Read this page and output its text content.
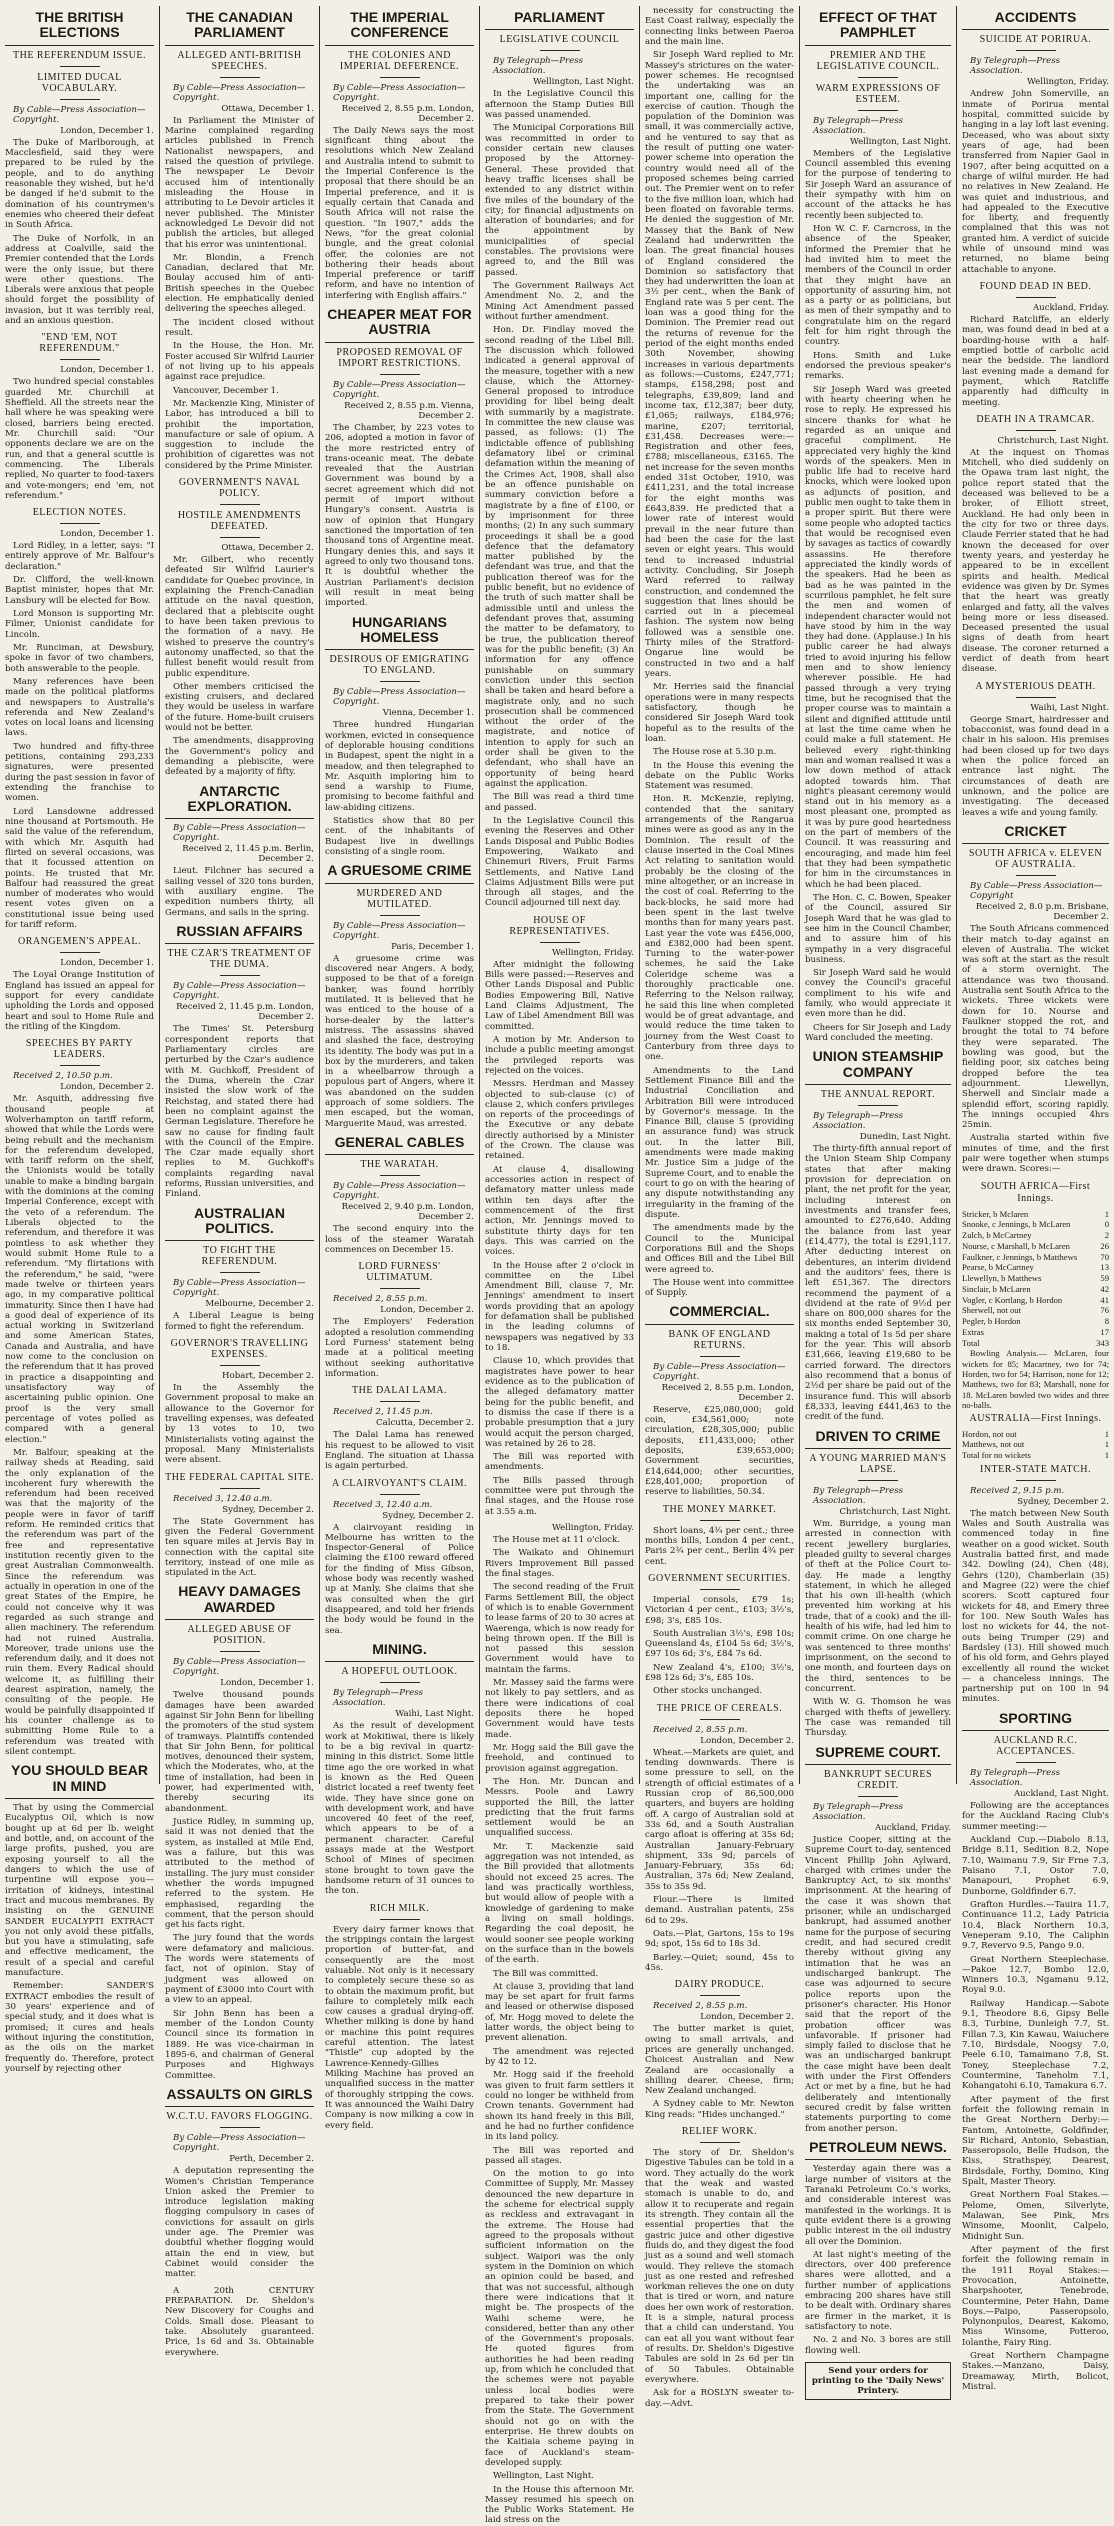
THE BRITISH ELECTIONS
THE REFERENDUM ISSUE.
LIMITED DUCAL VOCABULARY.
By Cable—Press Association—Copyright.
London, December 1.

The Duke of Marlborough, at Macclesfield, said they were prepared to be ruled by the people, and to do anything reasonable they wished, but he'd be danged if he'd submit to the domination of his countrymen's enemies who cheered their defeat in South Africa.

The Duke of Norfolk, in an address at Coalville, said the Premier contended that the Lords were the only issue, but there were other questions. The Liberals were anxious that people should forget the possibility of invasion, but it was terribly real, and an anxious question.

"END 'EM, NOT REFERENDUM."
London, December 1.

Two hundred special constables guarded Mr. Churchill at Sheffield. All the streets near the hall where he was speaking were closed, barriers being erected. Mr. Churchill said: "Our opponents declare we are on the run, and that a general scuttle is commencing. The Liberals replied, No quarter to food-taxers and vote-mongers; end 'em, not referendum."

ELECTION NOTES.
London, December 1.

Lord Ridley, in a letter, says: "I entirely approve of Mr. Balfour's declaration."

Dr. Clifford, the well-known Baptist minister, hopes that Mr. Lansbury will be elected for Bow.

Lord Monson is supporting Mr. Filmer, Unionist candidate for Lincoln.

Mr. Runciman, at Dewsbury, spoke in favor of two chambers, both answerable to the people.

Many references have been made on the political platforms and newspapers to Australia's referenda and New Zealand's votes on local loans and licensing laws.

Two hundred and fifty-three petitions, containing 293,233 signatures, were presented during the past session in favor of extending the franchise to women.

Lord Lansdowne addressed nine thousand at Portsmouth. He said the value of the referendum, with which Mr. Asquith had flirted on several occasions, was that it focussed attention on points. He trusted that Mr. Balfour had reassured the great number of moderates who would resent votes given on a constitutional issue being used for tariff reform.

ORANGEMEN'S APPEAL.
London, December 1.

The Loyal Orange Institution of England has issued an appeal for support for every candidate upholding the Lords and opposed heart and soul to Home Rule and the ritling of the Kingdom.

SPEECHES BY PARTY LEADERS.
Received 2, 10.50 p.m.
London, December 2.

Mr. Asquith, addressing five thousand people at Wolverhampton on tariff reform, showed that while the Lords were being rebuilt and the mechanism for the referendum developed, with tariff reform on the shelf, the Unionists would be totally unable to make a binding bargain with the dominions at the coming Imperial Conference, except with the veto of a referendum. The Liberals objected to the referendum, and therefore it was pointless to ask whether they would submit Home Rule to a referendum. "My flirtations with the referendum," he said, "were made twelve or thirteen years ago, in my comparative political immaturity. Since then I have had a good deal of experience of its actual working in Switzerland and some American States, Canada and Australia, and have now come to the conclusion on the referendum that it has proved in practice a disappointing and unsatisfactory way of ascertaining public opinion. One proof is the very small percentage of votes polled as compared with a general election."

Mr. Balfour, speaking at the railway sheds at Reading, said the only explanation of the incoherent fury wherewith the referendum had been received was that the majority of the people were in favor of tariff reform. He reminded critics that the referendum was part of the free and representative institution recently given to the great Australian Commonwealth. Since the referendum was actually in operation in one of the great States of the Empire, he could not conceive why it was regarded as such strange and alien machinery. The referendum had not ruined Australia. Moreover, trade unions use the referendum daily, and it does not ruin them. Every Radical should welcome it, as fulfilling their dearest aspiration, namely, the consulting of the people. He would be painfully disappointed if his counter challenge as to submitting Home Rule to a referendum was treated with silent contempt.

YOU SHOULD BEAR IN MIND

That by using the Commercial Eucalyptus Oil, which is now bought up at 6d per lb. weight and bottle, and, on account of the large profits, pushed, you are exposing yourself to all the dangers to which the use of turpentine will expose you—irritation of kidneys, intestinal tract and mucous membranes. By insisting on the GENUINE SANDER EUCALYPTI EXTRACT you not only avoid these pitfalls, but you have a stimulating, safe and effective medicament, the result of a special and careful manufacture.

Remember: SANDER'S EXTRACT embodies the result of 30 years' experience and of special study, and it does what is promised; it cures and heals without injuring the constitution, as the oils on the market frequently do. Therefore, protect yourself by rejecting other

THE CANADIAN PARLIAMENT
ALLEGED ANTI-BRITISH SPEECHES.
By Cable—Press Association—Copyright.
Ottawa, December 1.

In Parliament the Minister of Marine complained regarding articles published in French Nationalist newspapers, and raised the question of privilege. The newspaper Le Devoir accused him of intentionally misleading the House in attributing to Le Devoir articles it never published. The Minister acknowledged Le Devoir did not publish the articles, but alleged that his error was unintentional.

Mr. Blondin, a French Canadian, declared that Mr. Boulay accused him of anti-British speeches in the Quebec election. He emphatically denied delivering the speeches alleged.

The incident closed without result.

In the House, the Hon. Mr. Foster accused Sir Wilfrid Laurier of not living up to his appeals against race prejudice.

Vancouver, December 1.

Mr. Mackenzie King, Minister of Labor, has introduced a bill to prohibit the importation, manufacture or sale of opium. A suggestion to include the prohibition of cigarettes was not considered by the Prime Minister.

GOVERNMENT'S NAVAL POLICY.
HOSTILE AMENDMENTS DEFEATED.
Ottawa, December 2.

Mr. Gilbert, who recently defeated Sir Wilfrid Laurier's candidate for Quebec province, in explaining the French-Canadian attitude on the naval question, declared that a plebiscite ought to have been taken previous to the formation of a navy. He wished to preserve the country's autonomy unaffected, so that the fullest benefit would result from public expenditure.

Other members criticised the existing cruisers, and declared they would be useless in warfare of the future. Home-built cruisers would not be better.

The amendments, disapproving the Government's policy and demanding a plebiscite, were defeated by a majority of fifty.

ANTARCTIC EXPLORATION.
By Cable—Press Association—Copyright.
Received 2, 11.45 p.m. Berlin, December 2.

Lieut. Filchner has secured a sailing vessel of 320 tons burden, with auxiliary engine. The expedition numbers thirty, all Germans, and sails in the spring.

RUSSIAN AFFAIRS
THE CZAR'S TREATMENT OF THE DUMA.
By Cable—Press Association—Copyright.
Received 2, 11.45 p.m. London, December 2.

The Times' St. Petersburg correspondent reports that Parliamentary circles are perturbed by the Czar's audience with M. Guchkoff, President of the Duma, wherein the Czar insisted the slow work of the Reichstag, and stated there had been no complaint against the German Legislature. Therefore he saw no cause for finding fault with the Council of the Empire. The Czar made equally short replies to M. Guchkoff's complaints regarding naval reforms, Russian universities, and Finland.

AUSTRALIAN POLITICS.
TO FIGHT THE REFERENDUM.
By Cable—Press Association—Copyright.
Melbourne, December 2.

A Liberal League is being formed to fight the referendum.

GOVERNOR'S TRAVELLING EXPENSES.
Hobart, December 2.

In the Assembly the Government proposal to make an allowance to the Governor for travelling expenses, was defeated by 13 votes to 10, two Ministerialists voting against the proposal. Many Ministerialists were absent.

THE FEDERAL CAPITAL SITE.
Received 3, 12.40 a.m.
Sydney, December 2.

The State Government has given the Federal Government ten square miles at Jervis Bay in connection with the capital site territory, instead of one mile as stipulated in the Act.

HEAVY DAMAGES AWARDED
ALLEGED ABUSE OF POSITION.
By Cable—Press Association—Copyright.
London, December 1.

Twelve thousand pounds damages have been awarded against Sir John Benn for libelling the promoters of the stud system of tramways. Plaintiffs contended that Sir John Benn, for political motives, denounced their system, which the Moderates, who, at the time of installation, had been in power, had experimented with, thereby securing its abandonment.

Justice Ridley, in summing up, said it was not denied that the system, as installed at Mile End, was a failure, but this was attributed to the method of installing. The jury must consider whether the words impugned referred to the system. He emphasised, regarding the comment, that the person should get his facts right.

The jury found that the words were defamatory and malicious. The words were statements of fact, not of opinion. Stay of judgment was allowed on payment of £3000 into Court with a view to an appeal.

Sir John Benn has been a member of the London County Council since its formation in 1889. He was vice-chairman in 1895-6, and chairman of General Purposes and Highways Committee.

ASSAULTS ON GIRLS
W.C.T.U. FAVORS FLOGGING.
By Cable—Press Association—Copyright.
Perth, December 2.

A deputation representing the Women's Christian Temperance Union asked the Premier to introduce legislation making flogging compulsory in cases of convictions for assault on girls under age. The Premier was doubtful whether flogging would attain the end in view, but Cabinet would consider the matter.

A 20th CENTURY PREPARATION. Dr. Sheldon's New Discovery for Coughs and Colds. Small dose. Pleasant to take. Absolutely guaranteed. Price, 1s 6d and 3s. Obtainable everywhere.

THE IMPERIAL CONFERENCE
THE COLONIES AND IMPERIAL DEFERENCE.
By Cable—Press Association—Copyright.
Received 2, 8.55 p.m. London, December 2.

The Daily News says the most significant thing about the resolutions which New Zealand and Australia intend to submit to the Imperial Conference is the proposal that there should be an Imperial preference, and it is equally certain that Canada and South Africa will not raise the question. "In 1907," adds the News, "for the great colonial bungle, and the great colonial offer, the colonies are not bothering their heads about Imperial preference or tariff reform, and have no intention of interfering with English affairs."

CHEAPER MEAT FOR AUSTRIA
PROPOSED REMOVAL OF IMPORT RESTRICTIONS.
By Cable—Press Association—Copyright.
Received 2, 8.55 p.m. Vienna, December 2.

The Chamber, by 223 votes to 206, adopted a motion in favor of the more restricted entry of trans-oceanic meat. The debate revealed that the Austrian Government was bound by a secret agreement which did not permit of import without Hungary's consent. Austria is now of opinion that Hungary sanctioned the importation of ten thousand tons of Argentine meat. Hungary denies this, and says it agreed to only two thousand tons. It is doubtful whether the Austrian Parliament's decision will result in meat being imported.

HUNGARIANS HOMELESS
DESIROUS OF EMIGRATING TO ENGLAND.
By Cable—Press Association—Copyright.
Vienna, December 1.

Three hundred Hungarian workmen, evicted in consequence of deplorable housing conditions in Budapest, spent the night in a meadow, and then telegraphed to Mr. Asquith imploring him to send a warship to Fiume, promising to become faithful and law-abiding citizens.

Statistics show that 80 per cent. of the inhabitants of Budapest live in dwellings consisting of a single room.

A GRUESOME CRIME
MURDERED AND MUTILATED.
By Cable—Press Association—Copyright.
Paris, December 1.

A gruesome crime was discovered near Angers. A body, supposed to be that of a foreign banker, was found horribly mutilated. It is believed that he was enticed to the house of a horse-dealer by the latter's mistress. The assassins shaved and slashed the face, destroying its identity. The body was put in a box by the murderers, and taken in a wheelbarrow through a populous part of Angers, where it was abandoned on the sudden approach of some soldiers. The men escaped, but the woman, Marguerite Maud, was arrested.

GENERAL CABLES
THE WARATAH.
By Cable—Press Association—Copyright.
Received 2, 9.40 p.m. London, December 2.

The second enquiry into the loss of the steamer Waratah commences on December 15.

LORD FURNESS' ULTIMATUM.
Received 2, 8.55 p.m.
London, December 2.

The Employers' Federation adopted a resolution commending Lord Furness' statement being made at a political meeting without seeking authoritative information.

THE DALAI LAMA.
Received 2, 11.45 p.m.
Calcutta, December 2.

The Dalai Lama has renewed his request to be allowed to visit England. The situation at Lhassa is again perturbed.

A CLAIRVOYANT'S CLAIM.
Received 3, 12.40 a.m.
Sydney, December 2.

A clairvoyant residing in Melbourne has written to the Inspector-General of Police claiming the £100 reward offered for the finding of Miss Gibson, whose body was recently washed up at Manly. She claims that she was consulted when the girl disappeared, and told her friends the body would be found in the sea.

MINING.
A HOPEFUL OUTLOOK.
By Telegraph—Press Association.
Waihi, Last Night.

As the result of development work at Mokitiwai, there is likely to be a big revival in quartz-mining in this district. Some little time ago the ore worked in what is known as the Red Queen district located a reef twenty feet wide. They have since gone on with development work, and have uncovered 40 feet of the reef, which appears to be of a permanent character. Careful assays made at the Westport School of Mines of specimen stone brought to town gave the handsome return of 31 ounces to the ton.

RICH MILK.

Every dairy farmer knows that the strippings contain the largest proportion of butter-fat, and consequently are the most valuable. Not only is it necessary to completely secure these so as to obtain the maximum profit, but failure to completely milk each cow causes a gradual drying-off. Whether milking is done by hand or machine this point requires careful attention. The latest "Thistle" cup adopted by the Lawrence-Kennedy-Gillies Milking Machine has proved an unqualified success in the matter of thoroughly stripping the cows. It was announced the Waihi Dairy Company is now milking a cow in every field.

PARLIAMENT
LEGISLATIVE COUNCIL
By Telegraph—Press Association.
Wellington, Last Night.

In the Legislative Council this afternoon the Stamp Duties Bill was passed unamended.

The Municipal Corporations Bill was recommitted in order to consider certain new clauses proposed by the Attorney-General. These provided that heavy traffic licenses shall be extended to any district within five miles of the boundary of the city; for financial adjustments on alteration of boundaries; and for the appointment by municipalities of special constables. The provisions were agreed to, and the Bill was passed.

The Government Railways Act Amendment No. 2, and the Mining Act Amendment passed without further amendment.

Hon. Dr. Findlay moved the second reading of the Libel Bill. The discussion which followed indicated a general approval of the measure, together with a new clause, which the Attorney-General proposed to introduce providing for libel being dealt with summarily by a magistrate. In committee the new clause was passed, as follows: (1) The indictable offence of publishing defamatory libel or criminal defamation within the meaning of the Crimes Act, 1908, shall also be an offence punishable on summary conviction before a magistrate by a fine of £100, or by imprisonment for three months; (2) In any such summary proceedings it shall be a good defence that the defamatory matter published by the defendant was true, and that the publication thereof was for the public benefit, but no evidence of the truth of such matter shall be admissible until and unless the defendant proves that, assuming the matter to be defamatory, to be true, the publication thereof was for the public benefit; (3) An information for any offence punishable on summary conviction under this section shall be taken and heard before a magistrate only, and no such prosecution shall be commenced without the order of the magistrate, and notice of intention to apply for such an order shall be given to the defendant, who shall have an opportunity of being heard against the application.

The Bill was read a third time and passed.

In the Legislative Council this evening the Reserves and Other Lands Disposal and Public Bodies Empowering, Waikato and Chinemuri Rivers, Fruit Farms Settlements, and Native Land Claims Adjustment Bills were put through all stages, and the Council adjourned till next day.

HOUSE OF REPRESENTATIVES.
Wellington, Friday.

After midnight the following Bills were passed:—Reserves and Other Lands Disposal and Public Bodies Empowering Bill, Native Land Claims Adjustment, The Law of Libel Amendment Bill was committed.

A motion by Mr. Anderson to include a public meeting amongst the privileged reports was rejected on the voices.

Messrs. Herdman and Massey objected to sub-clause (c) of clause 2, which confers privileges on reports of the proceedings of the Executive or any debate directly authorised by a Minister of the Crown. The clause was retained.

At clause 4, disallowing accessories action in respect of defamatory matter unless made within ten days after the commencement of the first action, Mr. Jennings moved to substitute thirty days for ten days. This was carried on the voices.

In the House after 2 o'clock in committee on the Libel Amendment Bill, clause 7, Mr. Jennings' amendment to insert words providing that an apology for defamation shall be published in the leading columns of newspapers was negatived by 33 to 18.

Clause 10, which provides that magistrates have power to hear evidence as to the publication of the alleged defamatory matter being for the public benefit, and to dismiss the case if there is a probable presumption that a jury would acquit the person charged, was retained by 26 to 28.

The Bill was reported with amendments.

The Bills passed through committee were put through the final stages, and the House rose at 3.55 a.m.

Wellington, Friday.

The House met at 11 o'clock.

The Waikato and Ohinemuri Rivers Improvement Bill passed the final stages.

The second reading of the Fruit Farms Settlement Bill, the object of which is to enable Government to lease farms of 20 to 30 acres at Waerenga, which is now ready for being thrown open. If the Bill is not passed this session Government would have to maintain the farms.

Mr. Massey said the farms were not likely to pay settlers, and as there were indications of coal deposits there he hoped Government would have tests made.

Mr. Hogg said the Bill gave the freehold, and continued to provision against aggregation.

The Hon. Mr. Duncan and Messrs. Poole and Lawry supported the Bill, the latter predicting that the fruit farms settlement would be an unqualified success.

Mr. T. Mackenzie said aggregation was not intended, as the Bill provided that allotments should not exceed 25 acres. The land was practically worthless, but would allow of people with a knowledge of gardening to make a living on small holdings. Regarding the coal deposit, he would sooner see people working on the surface than in the bowels of the earth.

The Bill was committed.

At clause 3, providing that land may be set apart for fruit farms and leased or otherwise disposed of, Mr. Hogg moved to delete the latter words, the object being to prevent alienation.

The amendment was rejected by 42 to 12.

Mr. Hogg said if the freehold was given to fruit farm settlers it could no longer be withheld from Crown tenants. Government had shown its hand freely in this Bill, and he had no further confidence in its land policy.

The Bill was reported and passed all stages.

On the motion to go into Committee of Supply, Mr. Massey denounced the new departure in the scheme for electrical supply as reckless and extravagant in the extreme. The House had agreed to the proposals without sufficient information on the subject. Waipori was the only system in the Dominion on which an opinion could be based, and that was not successful, although there were indications that it might be. The prospects of the Waihi scheme were, he considered, better than any other of the Government's proposals. He quoted figures from authorities he had been reading up, from which he concluded that the schemes were not payable unless local bodies were prepared to take their power from the State. The Government should not go on with the enterprise. He threw doubts on the Kaitiaia scheme paying in face of Auckland's steam-developed supply.

Wellington, Last Night.

In the House this afternoon Mr. Massey resumed his speech on the Public Works Statement. He laid stress on the

necessity for constructing the East Coast railway, especially the connecting links between Paeroa and the main line.

Sir Joseph Ward replied to Mr. Massey's strictures on the water-power schemes. He recognised the undertaking was an important one, calling for the exercise of caution. Though the population of the Dominion was small, it was commercially active, and he ventured to say that as the result of putting one water-power scheme into operation the country would need all of the proposed schemes being carried out. The Premier went on to refer to the five million loan, which had been floated on favorable terms. He denied the suggestion of Mr. Massey that the Bank of New Zealand had underwritten the loan. The great financial houses of England considered the Dominion so satisfactory that they had underwritten the loan at 3½ per cent., when the Bank of England rate was 5 per cent. The loan was a good thing for the Dominion. The Premier read out the returns of revenue for the period of the eight months ended 30th November, showing increases in various departments as follows:—Customs, £247,771; stamps, £158,298; post and telegraphs, £39,809; land and income tax, £12,387; beer duty, £1,065; railways, £184,976; marine, £207; territorial, £31,458. Decreases were:—Registration and other fees, £788; miscellaneous, £3165. The net increase for the seven months ended 31st October, 1910, was £411,231, and the total increase for the eight months was £643,839. He predicted that a lower rate of interest would prevail in the near future than had been the case for the last seven or eight years. This would tend to increased industrial activity. Concluding, Sir Joseph Ward referred to railway construction, and condemned the suggestion that lines should be carried out in a piecemeal fashion. The system now being followed was a sensible one. Thirty miles of the Stratford-Ongarue line would be constructed in two and a half years.

Mr. Herries said the financial operations were in many respects satisfactory, though he considered Sir Joseph Ward took hopeful as to the results of the loan.

The House rose at 5.30 p.m.

In the House this evening the debate on the Public Works Statement was resumed.

Hon. R. McKenzie, replying, contended that the sanitary arrangements of the Rangarua mines were as good as any in the Dominion. The result of the clause inserted in the Coal Mines Act relating to sanitation would probably be the closing of the mine altogether, or an increase in the cost of coal. Referring to the back-blocks, he said more had been spent in the last twelve months than for many years past. Last year the vote was £456,000, and £382,000 had been spent. Turning to the water-power schemes, he said the Lake Coleridge scheme was a thoroughly practicable one. Referring to the Nelson railway, he said this line when completed would be of great advantage, and would reduce the time taken to journey from the West Coast to Canterbury from three days to one.

Amendments to the Land Settlement Finance Bill and the Industrial Conciliation and Arbitration Bill were introduced by Governor's message. In the Finance Bill, clause 5 (providing an assurance fund) was struck out. In the latter Bill, amendments were made making Mr. Justice Sim a judge of the Supreme Court, and to enable the court to go on with the hearing of any dispute notwithstanding any irregularity in the framing of the dispute.

The amendments made by the Council to the Municipal Corporations Bill and the Shops and Offices Bill and the Libel Bill were agreed to.

The House went into committee of Supply.

COMMERCIAL.
BANK OF ENGLAND RETURNS.
By Cable—Press Association—Copyright.
Received 2, 8.55 p.m. London, December 2.

Reserve, £25,080,000; gold coin, £34,561,000; note circulation, £28,305,000; public deposits, £11,433,000; other deposits, £39,653,000; Government securities, £14,644,000; other securities, £28,401,000; proportion of reserve to liabilities, 50.34.

THE MONEY MARKET.

Short loans, 4¾ per cent.; three months bills, London 4 per cent., Paris 2¾ per cent., Berlin 4¾ per cent.

GOVERNMENT SECURITIES.

Imperial consols, £79 1s; Victorian 4 per cent., £103; 3½'s, £98; 3's, £85 10s.

South Australian 3½'s, £98 10s; Queensland 4s, £104 5s 6d; 3½'s, £97 10s 6d; 3's, £84 7s 6d.

New Zealand 4's, £100; 3½'s, £98 12s 6d; 3's, £85 10s.

Other stocks unchanged.

THE PRICE OF CEREALS.
Received 2, 8.55 p.m.
London, December 2.

Wheat.—Markets are quiet, and tending downwards. There is some pressure to sell, on the strength of official estimates of a Russian crop of 86,500,000 quarters, and buyers are holding off. A cargo of Australian sold at 33s 6d, and a South Australian cargo afloat is offering at 35s 6d; Australian January-February shipment, 33s 9d; parcels of January-February, 35s 6d; Australian, 37s 6d; New Zealand, 35s to 35s 9d.

Flour.—There is limited demand. Australian patents, 25s 6d to 29s.

Oats.—Plat, Gartons, 15s to 19s 9d; spot, 15s 6d to 18s 3d.

Barley.—Quiet; sound, 45s to 45s.

DAIRY PRODUCE.
Received 2, 8.55 p.m.
London, December 2.

The butter market is quiet, owing to small arrivals, and prices are generally unchanged. Choicest Australian and New Zealand are occasionally a shilling dearer. Cheese, firm; New Zealand unchanged.

A Sydney cable to Mr. Newton King reads: "Hides unchanged."

RELIEF WORK.

The story of Dr. Sheldon's Digestive Tabules can be told in a word. They actually do the work that the weak and wasted stomach is unable to do, and allow it to recuperate and regain its strength. They contain all the essential properties that the gastric juice and other digestive fluids do, and they digest the food just as a sound and well stomach would. They relieve the stomach just as one rested and refreshed workman relieves the one on duty that is tired or worn, and nature does her own work of restoration. It is a simple, natural process that a child can understand. You can eat all you want without fear of results. Dr. Sheldon's Digestive Tabules are sold in 2s 6d per tin of 50 Tabules. Obtainable everywhere.

Ask for a ROSLYN sweater to-day.—Advt.

EFFECT OF THAT PAMPHLET
PREMIER AND THE LEGISLATIVE COUNCIL.
WARM EXPRESSIONS OF ESTEEM.
By Telegraph—Press Association.
Wellington, Last Night.

Members of the Legislative Council assembled this evening for the purpose of tendering to Sir Joseph Ward an assurance of their sympathy with him on account of the attacks he has recently been subjected to.

Hon W. C. F. Carncross, in the absence of the Speaker, informed the Premier that he had invited him to meet the members of the Council in order that they might have an opportunity of assuring him, not as a party or as politicians, but as men of their sympathy and to congratulate him on the regard felt for him right through the country.

Hons. Smith and Luke endorsed the previous speaker's remarks.

Sir Joseph Ward was greeted with hearty cheering when he rose to reply. He expressed his sincere thanks for what he regarded as an unique and graceful compliment. He appreciated very highly the kind words of the speakers. Men in public life had to receive hard knocks, which were looked upon as adjuncts of position, and public men ought to take them in a proper spirit. But there were some people who adopted tactics that would be recognised even by savages as tactics of cowardly assassins. He therefore appreciated the kindly words of the speakers. Had he been as bad as he was painted in the scurrilous pamphlet, he felt sure the men and women of independent character would not have stood by him in the way they had done. (Applause.) In his public career he had always tried to avoid injuring his fellow men and to show leniency wherever possible. He had passed through a very trying time, but he recognised that the proper course was to maintain a silent and dignified attitude until at last the time came when he could make a full statement. He believed every right-thinking man and woman realised it was a low down method of attack adopted towards him. That night's pleasant ceremony would stand out in his memory as a most pleasant one, prompted as it was by pure good heartedness on the part of members of the Council. It was reassuring and encouraging, and made him feel that they had been sympathetic for him in the circumstances in which he had been placed.

The Hon. C. C. Bowen, Speaker of the Council, assured Sir Joseph Ward that he was glad to see him in the Council Chamber, and to assure him of his sympathy in a very disgraceful business.

Sir Joseph Ward said he would convey the Council's graceful compliment to his wife and family, who would appreciate it even more than he did.

Cheers for Sir Joseph and Lady Ward concluded the meeting.

UNION STEAMSHIP COMPANY
THE ANNUAL REPORT.
By Telegraph—Press Association.
Dunedin, Last Night.

The thirty-fifth annual report of the Union Steam Ship Company states that after making provision for depreciation on plant, the net profit for the year, including interest on investments and transfer fees, amounted to £276,640. Adding the balance from last year (£14,477), the total is £291,117. After deducting interest on debentures, an interim dividend and the auditors' fees, there is left £51,367. The directors recommend the payment of a dividend at the rate of 9½d per share on 800,000 shares for the six months ended September 30, making a total of 1s 5d per share for the year. This will absorb £31,666, leaving £19,680 to be carried forward. The directors also recommend that a bonus of 2½d per share be paid out of the insurance fund. This will absorb £8,333, leaving £441,463 to the credit of the fund.

DRIVEN TO CRIME
A YOUNG MARRIED MAN'S LAPSE.
By Telegraph—Press Association.
Christchurch, Last Night.

Wm. Burridge, a young man arrested in connection with recent jewellery burglaries, pleaded guilty to several charges of theft at the Police Court to-day. He made a lengthy statement, in which he alleged that his own ill-health (which prevented him working at his trade, that of a cook) and the ill-health of his wife, had led him to commit crime. On one charge he was sentenced to three months' imprisonment, on the second to one month, and fourteen days on the third, sentences to be concurrent.

With W. G. Thomson he was charged with thefts of jewellery. The case was remanded till Thursday.

SUPREME COURT.
BANKRUPT SECURES CREDIT.
By Telegraph—Press Association.
Auckland, Friday.

Justice Cooper, sitting at the Supreme Court to-day, sentenced Vincent Phillip John Aylward, charged with crimes under the Bankruptcy Act, to six months' imprisonment. At the hearing of the case it was shown that prisoner, while an undischarged bankrupt, had assumed another name for the purpose of securing credit, and had secured credit thereby without giving any intimation that he was an undischarged bankrupt. The case was adjourned to secure police reports upon the prisoner's character. His Honor said that the report of the probation officer was unfavorable. If prisoner had simply failed to disclose that he was an undischarged bankrupt the case might have been dealt with under the First Offenders Act or met by a fine, but he had deliberately and intentionally secured credit by false written statements purporting to come from another person.

PETROLEUM NEWS.

Yesterday again there was a large number of visitors at the Taranaki Petroleum Co.'s works, and considerable interest was manifested in the workings. It is quite evident there is a growing public interest in the oil industry all over the Dominion.

At last night's meeting of the directors, over 400 preference shares were allotted, and a further number of applications embracing 200 shares have still to be dealt with. Ordinary shares are firmer in the market, it is satisfactory to note.

No. 2 and No. 3 bores are still flowing well.

Send your orders for printing to the 'Daily News' Printery.
ACCIDENTS
SUICIDE AT PORIRUA.
By Telegraph—Press Association.
Wellington, Friday.

Andrew John Somerville, an inmate of Porirua mental hospital, committed suicide by hanging in a lay loft last evening. Deceased, who was about sixty years of age, had been transferred from Napier Gaol in 1907, after being acquitted on a charge of wilful murder. He had no relatives in New Zealand. He was quiet and industrious, and had appealed to the Executive for liberty, and frequently complained that this was not granted him. A verdict of suicide while of unsound mind was returned, no blame being attachable to anyone.

FOUND DEAD IN BED.
Auckland, Friday.

Richard Ratcliffe, an elderly man, was found dead in bed at a boarding-house with a half-emptied bottle of carbolic acid near the bedside. The landlord last evening made a demand for payment, which Ratcliffe apparently had difficulty in meeting.

DEATH IN A TRAMCAR.
Christchurch, Last Night.

At the inquest on Thomas Mitchell, who died suddenly on the Opawa tram last night, the police report stated that the deceased was believed to be a broker, of Elliott street, Auckland. He had only been in the city for two or three days. Claude Ferrier stated that he had known the deceased for over twenty years, and yesterday he appeared to be in excellent spirits and health. Medical evidence was given by Dr. Symes that the heart was greatly enlarged and fatty, all the valves being more or less diseased. Deceased presented the usual signs of death from heart disease. The coroner returned a verdict of death from heart disease.

A MYSTERIOUS DEATH.
Waihi, Last Night.

George Smart, hairdresser and tobacconist, was found dead in a chair in his saloon. His premises had been closed up for two days when the police forced an entrance last night. The circumstances of death are unknown, and the police are investigating. The deceased leaves a wife and young family.

CRICKET
SOUTH AFRICA v. ELEVEN OF AUSTRALIA.
By Cable—Press Association—Copyright
Received 2, 8.0 p.m. Brisbane, December 2.

The South Africans commenced their match to-day against an eleven of Australia. The wicket was soft at the start as the result of a storm overnight. The attendance was two thousand. Australia sent South Africa to the wickets. Three wickets were down for 10. Nourse and Faulkner stopped the rot, and brought the total to 74 before they were separated. The bowling was good, but the fielding poor, six catches being dropped before the tea adjournment. Llewellyn, Sherwell and Sinclair made a splendid effort, scoring rapidly. The innings occupied 4hrs 25min.

Australia started within five minutes of time, and the first pair were together when stumps were drawn. Scores:—

SOUTH AFRICA—First Innings.
Stricker, b Mclaren	1
Snooke, c Jennings, b McLaren	0
Zulch, b McCartney	2
Nourse, c Marshall, b McLaren	26
Faulkner, c Jennings, b Matthews	70
Pearse, b McCartney	13
Llewellyn, b Matthews	59
Sinclair, b McLaren	42
Vogler, c Kortlang, b Hordon	41
Sherwell, not out	76
Pegler, b Hordon	8
Extras	17
Total	343

Bowling Analysis.— McLaren, four wickets for 85; Macartney, two for 74; Horden, two for 54; Harrison, none for 12; Matthews, two for 83; Marshall, none for 18. McLaren bowled two wides and three no-balls.

AUSTRALIA—First Innings.
Hordon, not out	1
Matthews, not out	1
Total for no wickets	1
INTER-STATE MATCH.
Received 2, 9.15 p.m.
Sydney, December 2.

The match between New South Wales and South Australia was commenced today in fine weather on a good wicket. South Australia batted first, and made 342. Dowling (24), Chen (48), Gehrs (120), Chamberlain (35) and Magree (22) were the chief scorers. Scott captured four wickets for 48, and Emery three for 100. New South Wales has lost no wickets for 44, the not-outs being Trumper (29) and Bardsley (13). Hill showed much of his old form, and Gehrs played excellently all round the wicket — a chanceless innings. The partnership put on 100 in 94 minutes.

SPORTING
AUCKLAND R.C. ACCEPTANCES.
By Telegraph—Press Association.
Auckland, Last Night.

Following are the acceptances for the Auckland Racing Club's summer meeting:—

Auckland Cup.—Diabolo 8.13, Bridge 8.11, Sedition 8.2, Nope 7.10, Waimanu 7.9, Sir Frne 7.3, Paisano 7.1, Ostor 7.0, Manapouri, Prophet 6.9, Dunborne, Goldfinder 6.7.

Grafton Hurdles.—Tauira 11.7, Continuance 11.2, Lady Patricia 10.4, Black Northern 10.3, Veneperam 9.10, The Caliphin 9.7, Revervo 9.5, Pango 9.0.

Great Northern Steeplechase.—Pakoe 12.7, Bombo 12.0, Winners 10.3, Ngamanu 9.12, Royal 9.0.

Railway Handicap.—Sabote 9.1, Theodore 8.6, Gipsy Belle 8.3, Turbine, Dunleigh 7.7, St. Fillan 7.3, Kin Kawau, Waiuchere 7.10, Birdsdale, Noogsy 7.0, Peele 6.10, Tamaimano 7.8, St. Toney, Steeplechase 7.2, Countermine, Taneholm 7.1, Kohangatohi 6.10, Tamakura 6.7.

After payment of the first forfeit the following remain in the Great Northern Derby:—Fantom, Antoinette, Goldfinder, Sir Richard, Antonio, Sebastian, Passeropsolo, Belle Hudson, the Kiss, Strathspey, Dearest, Birdsdale, Forthy, Domino, King Spalt, Master Theory.

Great Northern Foal Stakes.—Pelome, Omen, Silverlyte, Malawan, See Pink, Mrs Winsome, Moonlit, Calpelo, Midnight Sun.

After payment of the first forfeit the following remain in the 1911 Royal Stakes:—Provocation, Antoinette, Sharpshooter, Tenebrode, Countermine, Peter Hahn, Dame Boys.—Paipo, Passeropsolo, Polynonpulos, Dearest, Kakomo, Miss Winsome, Potteroo, Iolanthe, Fairy Ring.

Great Northern Champagne Stakes.—Manzano, Daisy, Dreamaway, Mirth, Bolicot, Mistral.
